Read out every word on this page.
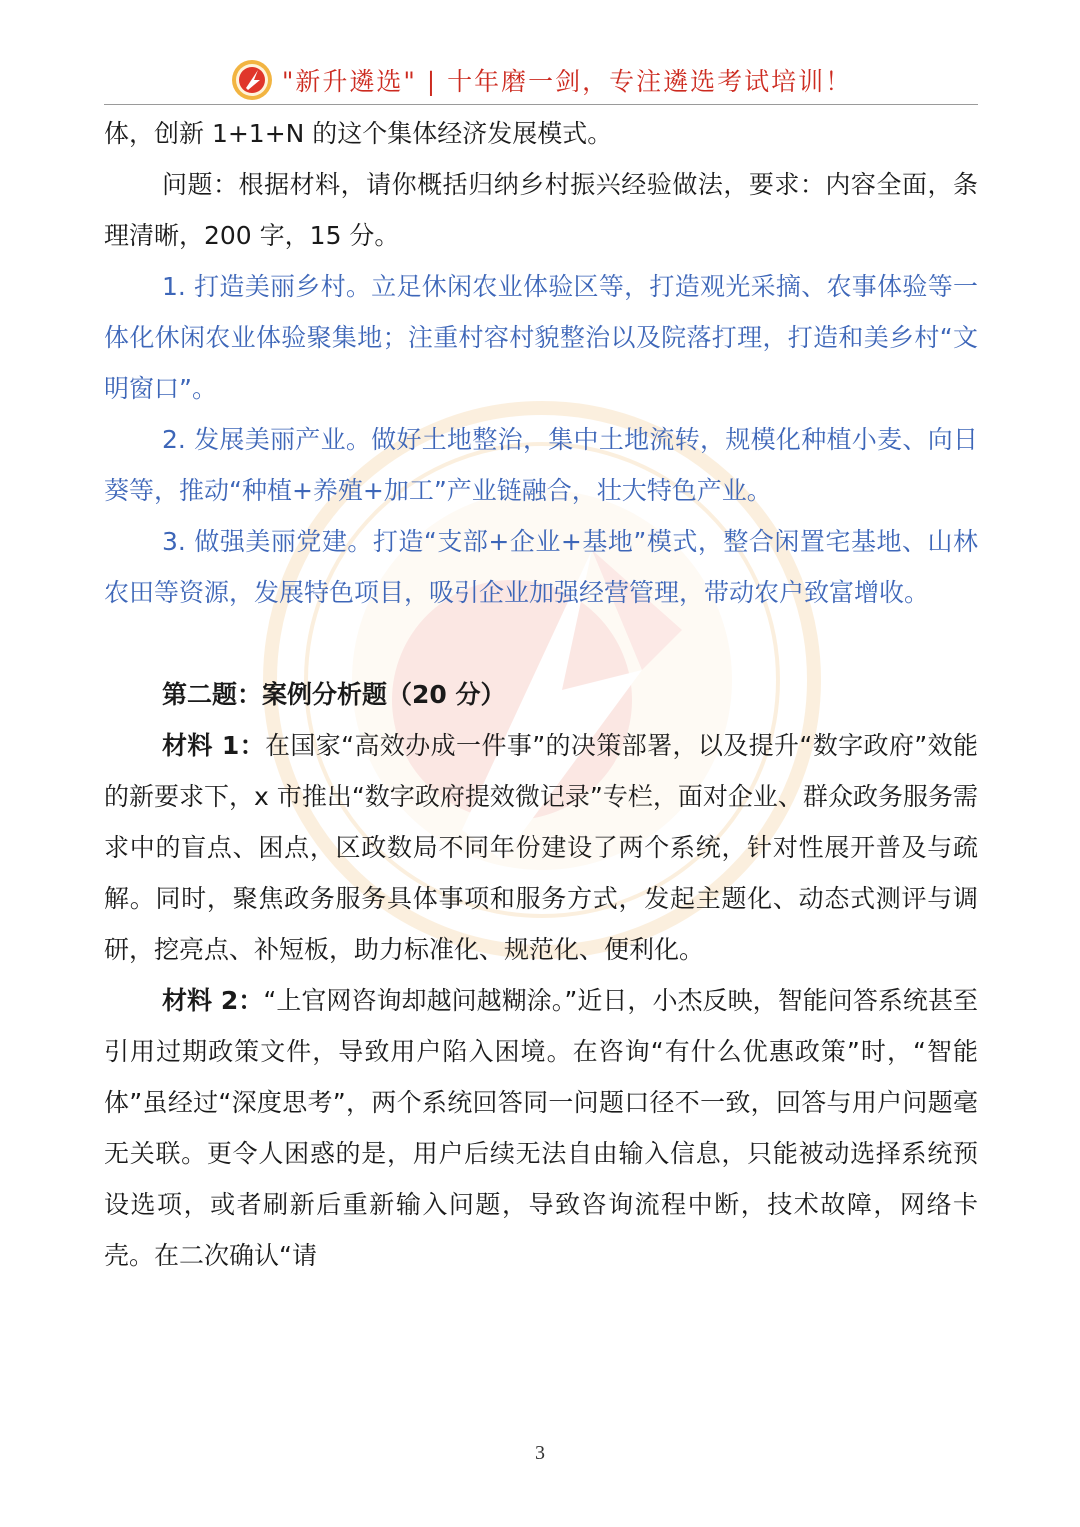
"新升遴选" | 十年磨一剑，专注遴选考试培训！

体，创新 1+1+N 的这个集体经济发展模式。

问题：根据材料，请你概括归纳乡村振兴经验做法，要求：内容全面，条理清晰，200 字，15 分。

1. 打造美丽乡村。立足休闲农业体验区等，打造观光采摘、农事体验等一体化休闲农业体验聚集地；注重村容村貌整治以及院落打理，打造和美乡村“文明窗口”。

2. 发展美丽产业。做好土地整治，集中土地流转，规模化种植小麦、向日葵等，推动“种植+养殖+加工”产业链融合，壮大特色产业。

3. 做强美丽党建。打造“支部+企业+基地”模式，整合闲置宅基地、山林农田等资源，发展特色项目，吸引企业加强经营管理，带动农户致富增收。

第二题：案例分析题（20 分）

材料 1：在国家“高效办成一件事”的决策部署，以及提升“数字政府”效能的新要求下，x 市推出“数字政府提效微记录”专栏，面对企业、群众政务服务需求中的盲点、困点，区政数局不同年份建设了两个系统，针对性展开普及与疏解。同时，聚焦政务服务具体事项和服务方式，发起主题化、动态式测评与调研，挖亮点、补短板，助力标准化、规范化、便利化。

材料 2：“上官网咨询却越问越糊涂。”近日，小杰反映，智能问答系统甚至引用过期政策文件，导致用户陷入困境。在咨询“有什么优惠政策”时，“智能体”虽经过“深度思考”，两个系统回答同一问题口径不一致，回答与用户问题毫无关联。更令人困惑的是，用户后续无法自由输入信息，只能被动选择系统预设选项，或者刷新后重新输入问题，导致咨询流程中断，技术故障，网络卡壳。在二次确认“请

3
